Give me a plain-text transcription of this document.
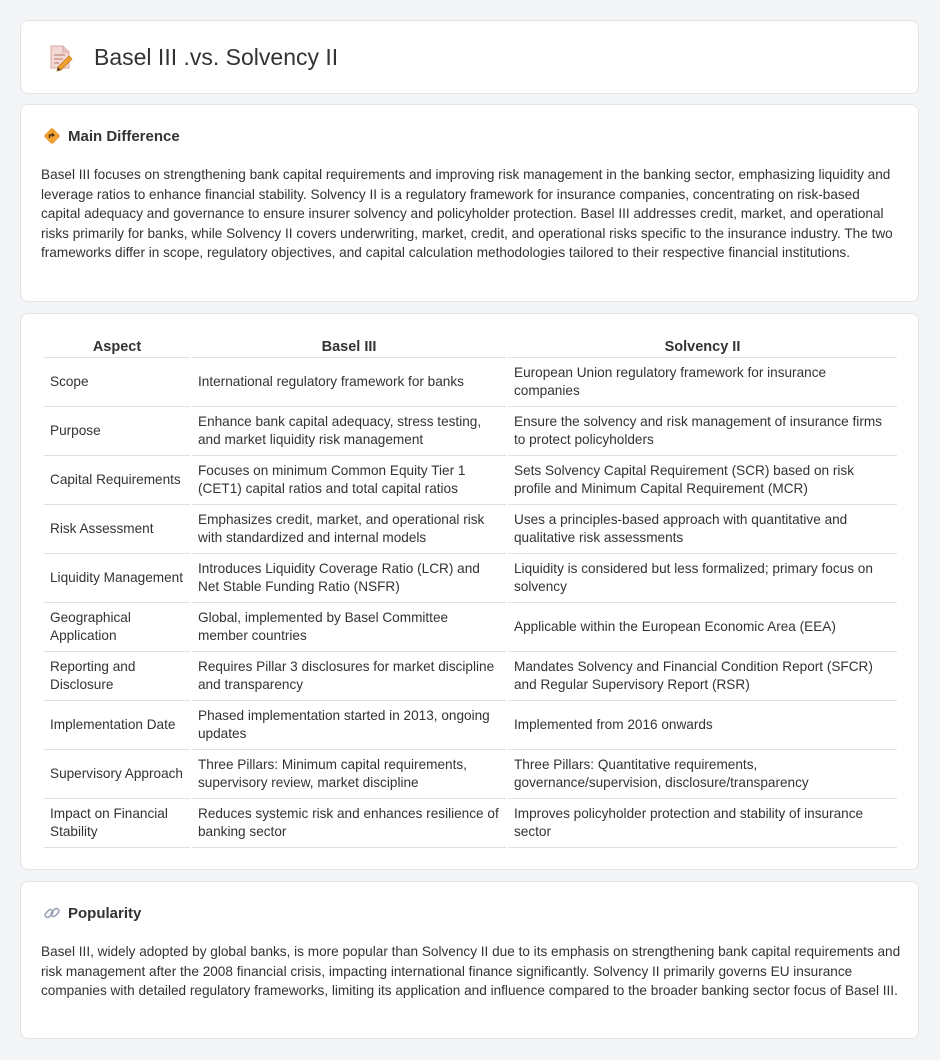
Basel III .vs. Solvency II
Main Difference

Basel III focuses on strengthening bank capital requirements and improving risk management in the banking sector, emphasizing liquidity and leverage ratios to enhance financial stability. Solvency II is a regulatory framework for insurance companies, concentrating on risk-based capital adequacy and governance to ensure insurer solvency and policyholder protection. Basel III addresses credit, market, and operational risks primarily for banks, while Solvency II covers underwriting, market, credit, and operational risks specific to the insurance industry. The two frameworks differ in scope, regulatory objectives, and capital calculation methodologies tailored to their respective financial institutions.

Aspect	Basel III	Solvency II
Scope	International regulatory framework for banks	European Union regulatory framework for insurance companies
Purpose	Enhance bank capital adequacy, stress testing, and market liquidity risk management	Ensure the solvency and risk management of insurance firms to protect policyholders
Capital Requirements	Focuses on minimum Common Equity Tier 1 (CET1) capital ratios and total capital ratios	Sets Solvency Capital Requirement (SCR) based on risk profile and Minimum Capital Requirement (MCR)
Risk Assessment	Emphasizes credit, market, and operational risk with standardized and internal models	Uses a principles-based approach with quantitative and qualitative risk assessments
Liquidity Management	Introduces Liquidity Coverage Ratio (LCR) and Net Stable Funding Ratio (NSFR)	Liquidity is considered but less formalized; primary focus on solvency
Geographical Application	Global, implemented by Basel Committee member countries	Applicable within the European Economic Area (EEA)
Reporting and Disclosure	Requires Pillar 3 disclosures for market discipline and transparency	Mandates Solvency and Financial Condition Report (SFCR) and Regular Supervisory Report (RSR)
Implementation Date	Phased implementation started in 2013, ongoing updates	Implemented from 2016 onwards
Supervisory Approach	Three Pillars: Minimum capital requirements, supervisory review, market discipline	Three Pillars: Quantitative requirements, governance/supervision, disclosure/transparency
Impact on Financial Stability	Reduces systemic risk and enhances resilience of banking sector	Improves policyholder protection and stability of insurance sector
Popularity

Basel III, widely adopted by global banks, is more popular than Solvency II due to its emphasis on strengthening bank capital requirements and risk management after the 2008 financial crisis, impacting international finance significantly. Solvency II primarily governs EU insurance companies with detailed regulatory frameworks, limiting its application and influence compared to the broader banking sector focus of Basel III.
